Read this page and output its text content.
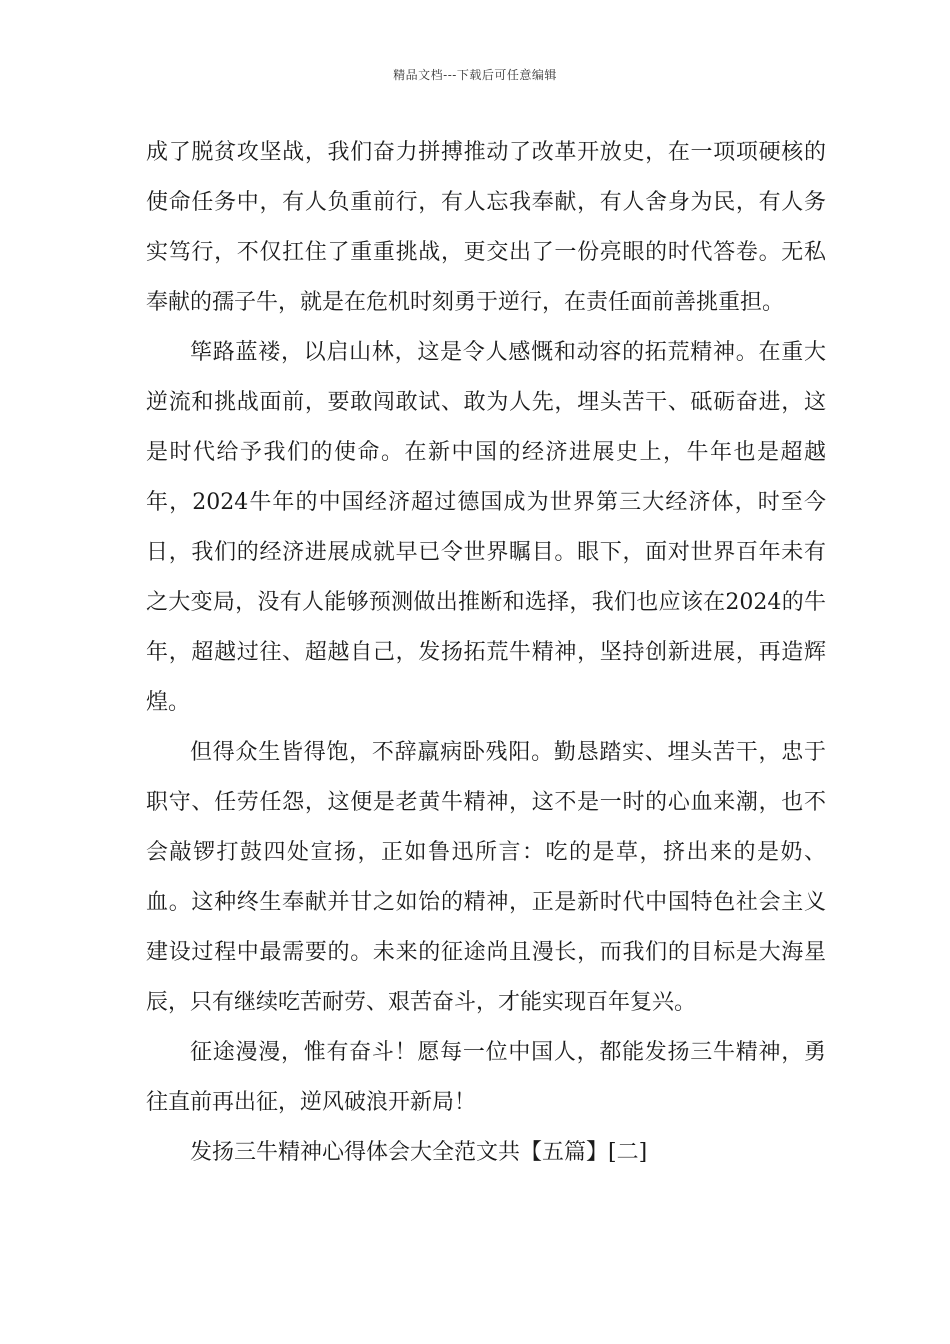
精品文档---下载后可任意编辑

成了脱贫攻坚战，我们奋力拼搏推动了改革开放史，在一项项硬核的使命任务中，有人负重前行，有人忘我奉献，有人舍身为民，有人务实笃行，不仅扛住了重重挑战，更交出了一份亮眼的时代答卷。无私奉献的孺子牛，就是在危机时刻勇于逆行，在责任面前善挑重担。

筚路蓝褛，以启山林，这是令人感慨和动容的拓荒精神。在重大逆流和挑战面前，要敢闯敢试、敢为人先，埋头苦干、砥砺奋进，这是时代给予我们的使命。在新中国的经济进展史上，牛年也是超越年，2024牛年的中国经济超过德国成为世界第三大经济体，时至今日，我们的经济进展成就早已令世界瞩目。眼下，面对世界百年未有之大变局，没有人能够预测做出推断和选择，我们也应该在2024的牛年，超越过往、超越自己，发扬拓荒牛精神，坚持创新进展，再造辉煌。

但得众生皆得饱，不辞羸病卧残阳。勤恳踏实、埋头苦干，忠于职守、任劳任怨，这便是老黄牛精神，这不是一时的心血来潮，也不会敲锣打鼓四处宣扬，正如鲁迅所言：吃的是草，挤出来的是奶、血。这种终生奉献并甘之如饴的精神，正是新时代中国特色社会主义建设过程中最需要的。未来的征途尚且漫长，而我们的目标是大海星辰，只有继续吃苦耐劳、艰苦奋斗，才能实现百年复兴。

征途漫漫，惟有奋斗！愿每一位中国人，都能发扬三牛精神，勇往直前再出征，逆风破浪开新局！

发扬三牛精神心得体会大全范文共【五篇】[二]
